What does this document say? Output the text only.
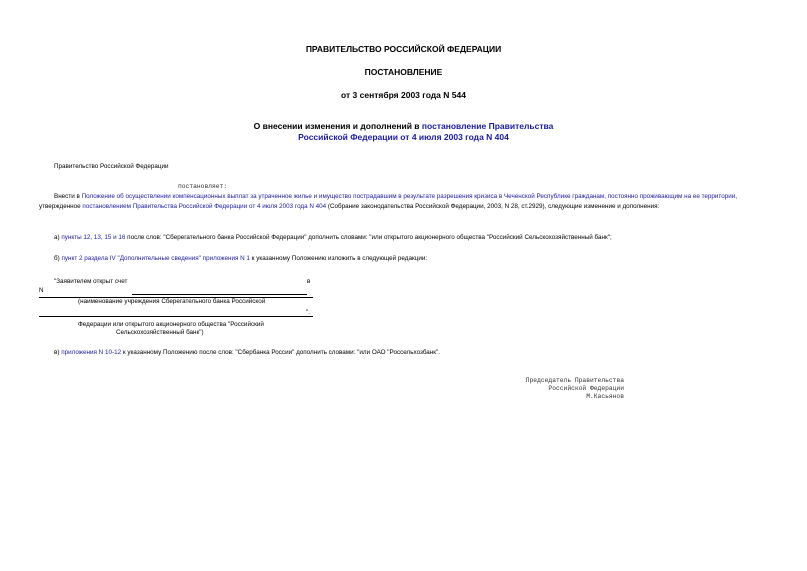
ПРАВИТЕЛЬСТВО РОССИЙСКОЙ ФЕДЕРАЦИИ
ПОСТАНОВЛЕНИЕ
от 3 сентября 2003 года N 544
О внесении изменения и дополнений в постановление Правительства
Российской Федерации от 4 июля 2003 года N 404
Правительство Российской Федерации
постановляет:

Внести в Положение об осуществлении компенсационных выплат за утраченное жилье и имущество пострадавшим в результате разрешения кризиса в Чеченской Республике гражданам, постоянно проживающим на ее территории, утвержденное постановлением Правительства Российской Федерации от 4 июля 2003 года N 404 (Собрание законодательства Российской Федерации, 2003, N 28, ст.2929), следующие изменение и дополнения:

а) пункты 12, 13, 15 и 16 после слов: "Сберегательного банка Российской Федерации" дополнить словами: "или открытого акционерного общества "Российский Сельскохозяйственный банк";
б) пункт 2 раздела IV "Дополнительные сведения" приложения N 1 к указанному Положению изложить в следующей редакции:
"Заявителем открыт счет	в
N
(наименование учреждения Сберегательного банка Российской
".
Федерации или открытого акционерного общества "Российский
Сельскохозяйственный банк")
в) приложения N 10-12 к указанному Положению после слов: "Сбербанка России" дополнить словами: "или ОАО "Россельхозбанк".
Председатель Правительства
Российской Федерации
М.Касьянов
